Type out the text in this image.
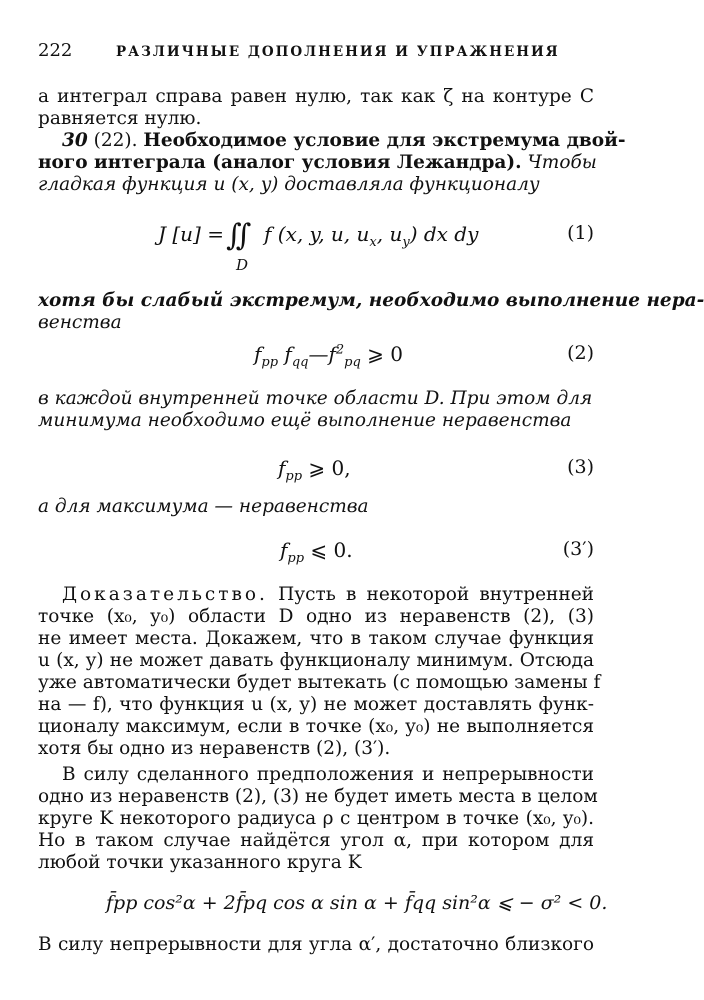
222	РАЗЛИЧНЫЕ ДОПОЛНЕНИЯ И УПРАЖНЕНИЯ
а интеграл справа равен нулю, так как ζ на контуре C
равняется нулю.
30 (22). Необходимое условие для экстремума двой-
ного интеграла (аналог условия Лежандра). Чтобы
гладкая функция u (x, y) доставляла функционалу
J [u] = ∫∫ f (x, y, u, $u_x$, $u_y$) dx dy
D
(1)
хотя бы слабый экстремум, необходимо выполнение нера-
венства
$f_{pp}$ $f_{qq}—f^2_{pq}$ ⩾ 0	(2)
в каждой внутренней точке области D. При этом для
минимума необходимо ещё выполнение неравенства
$f_{pp}$ ⩾ 0,	(3)
а для максимума — неравенства
$f_{pp}$ ⩽ 0.	(3′)
Доказательство. Пусть в некоторой внутренней
точке (x₀, y₀) области D одно из неравенств (2), (3)
не имеет места. Докажем, что в таком случае функция
u (x, y) не может давать функционалу минимум. Отсюда
уже автоматически будет вытекать (с помощью замены f
на — f), что функция u (x, y) не может доставлять функ-
ционалу максимум, если в точке (x₀, y₀) не выполняется
хотя бы одно из неравенств (2), (3′).
В силу сделанного предположения и непрерывности
одно из неравенств (2), (3) не будет иметь места в целом
круге K некоторого радиуса ρ с центром в точке (x₀, y₀).
Но в таком случае найдётся угол α, при котором для
любой точки указанного круга K
f̄pp cos²α + 2f̄pq cos α sin α + f̄qq sin²α ⩽ − σ² < 0.
В силу непрерывности для угла α′, достаточно близкого
